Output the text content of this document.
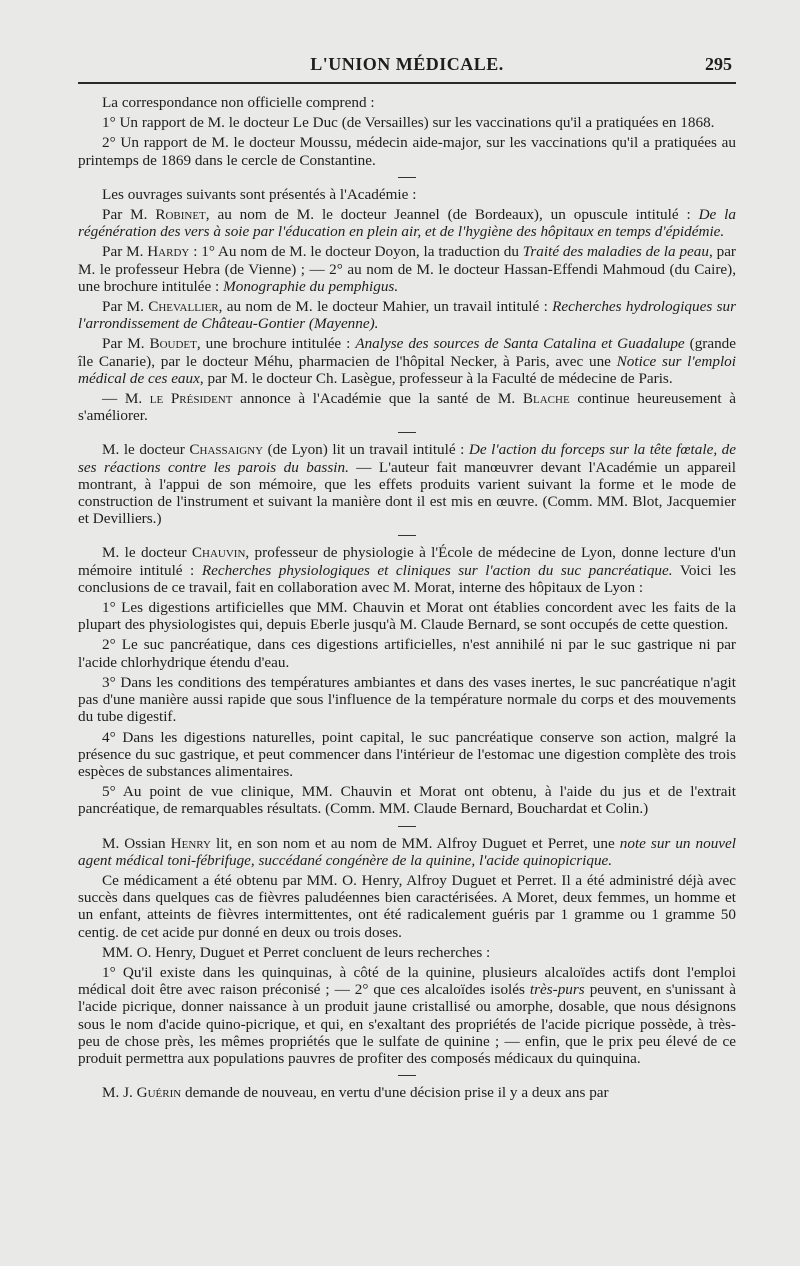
L'UNION MÉDICALE.	295

La correspondance non officielle comprend :

1° Un rapport de M. le docteur Le Duc (de Versailles) sur les vaccinations qu'il a pratiquées en 1868.

2° Un rapport de M. le docteur Moussu, médecin aide-major, sur les vaccinations qu'il a pratiquées au printemps de 1869 dans le cercle de Constantine.

Les ouvrages suivants sont présentés à l'Académie :

Par M. Robinet, au nom de M. le docteur Jeannel (de Bordeaux), un opuscule intitulé : De la régénération des vers à soie par l'éducation en plein air, et de l'hygiène des hôpitaux en temps d'épidémie.

Par M. Hardy : 1° Au nom de M. le docteur Doyon, la traduction du Traité des maladies de la peau, par M. le professeur Hebra (de Vienne) ; — 2° au nom de M. le docteur Hassan-Effendi Mahmoud (du Caire), une brochure intitulée : Monographie du pemphigus.

Par M. Chevallier, au nom de M. le docteur Mahier, un travail intitulé : Recherches hydrologiques sur l'arrondissement de Château-Gontier (Mayenne).

Par M. Boudet, une brochure intitulée : Analyse des sources de Santa Catalina et Guadalupe (grande île Canarie), par le docteur Méhu, pharmacien de l'hôpital Necker, à Paris, avec une Notice sur l'emploi médical de ces eaux, par M. le docteur Ch. Lasègue, professeur à la Faculté de médecine de Paris.

— M. le Président annonce à l'Académie que la santé de M. Blache continue heureusement à s'améliorer.

M. le docteur Chassaigny (de Lyon) lit un travail intitulé : De l'action du forceps sur la tête fœtale, de ses réactions contre les parois du bassin. — L'auteur fait manœuvrer devant l'Académie un appareil montrant, à l'appui de son mémoire, que les effets produits varient suivant la forme et le mode de construction de l'instrument et suivant la manière dont il est mis en œuvre. (Comm. MM. Blot, Jacquemier et Devilliers.)

M. le docteur Chauvin, professeur de physiologie à l'École de médecine de Lyon, donne lecture d'un mémoire intitulé : Recherches physiologiques et cliniques sur l'action du suc pancréatique. Voici les conclusions de ce travail, fait en collaboration avec M. Morat, interne des hôpitaux de Lyon :

1° Les digestions artificielles que MM. Chauvin et Morat ont établies concordent avec les faits de la plupart des physiologistes qui, depuis Eberle jusqu'à M. Claude Bernard, se sont occupés de cette question.

2° Le suc pancréatique, dans ces digestions artificielles, n'est annihilé ni par le suc gastrique ni par l'acide chlorhydrique étendu d'eau.

3° Dans les conditions des températures ambiantes et dans des vases inertes, le suc pancréatique n'agit pas d'une manière aussi rapide que sous l'influence de la température normale du corps et des mouvements du tube digestif.

4° Dans les digestions naturelles, point capital, le suc pancréatique conserve son action, malgré la présence du suc gastrique, et peut commencer dans l'intérieur de l'estomac une digestion complète des trois espèces de substances alimentaires.

5° Au point de vue clinique, MM. Chauvin et Morat ont obtenu, à l'aide du jus et de l'extrait pancréatique, de remarquables résultats. (Comm. MM. Claude Bernard, Bouchardat et Colin.)

M. Ossian Henry lit, en son nom et au nom de MM. Alfroy Duguet et Perret, une note sur un nouvel agent médical toni-fébrifuge, succédané congénère de la quinine, l'acide quinopicrique.

Ce médicament a été obtenu par MM. O. Henry, Alfroy Duguet et Perret. Il a été administré déjà avec succès dans quelques cas de fièvres paludéennes bien caractérisées. A Moret, deux femmes, un homme et un enfant, atteints de fièvres intermittentes, ont été radicalement guéris par 1 gramme ou 1 gramme 50 centig. de cet acide pur donné en deux ou trois doses.

MM. O. Henry, Duguet et Perret concluent de leurs recherches :

1° Qu'il existe dans les quinquinas, à côté de la quinine, plusieurs alcaloïdes actifs dont l'emploi médical doit être avec raison préconisé ; — 2° que ces alcaloïdes isolés très-purs peuvent, en s'unissant à l'acide picrique, donner naissance à un produit jaune cristallisé ou amorphe, dosable, que nous désignons sous le nom d'acide quino-picrique, et qui, en s'exaltant des propriétés de l'acide picrique possède, à très-peu de chose près, les mêmes propriétés que le sulfate de quinine ; — enfin, que le prix peu élevé de ce produit permettra aux populations pauvres de profiter des composés médicaux du quinquina.

M. J. Guérin demande de nouveau, en vertu d'une décision prise il y a deux ans par
